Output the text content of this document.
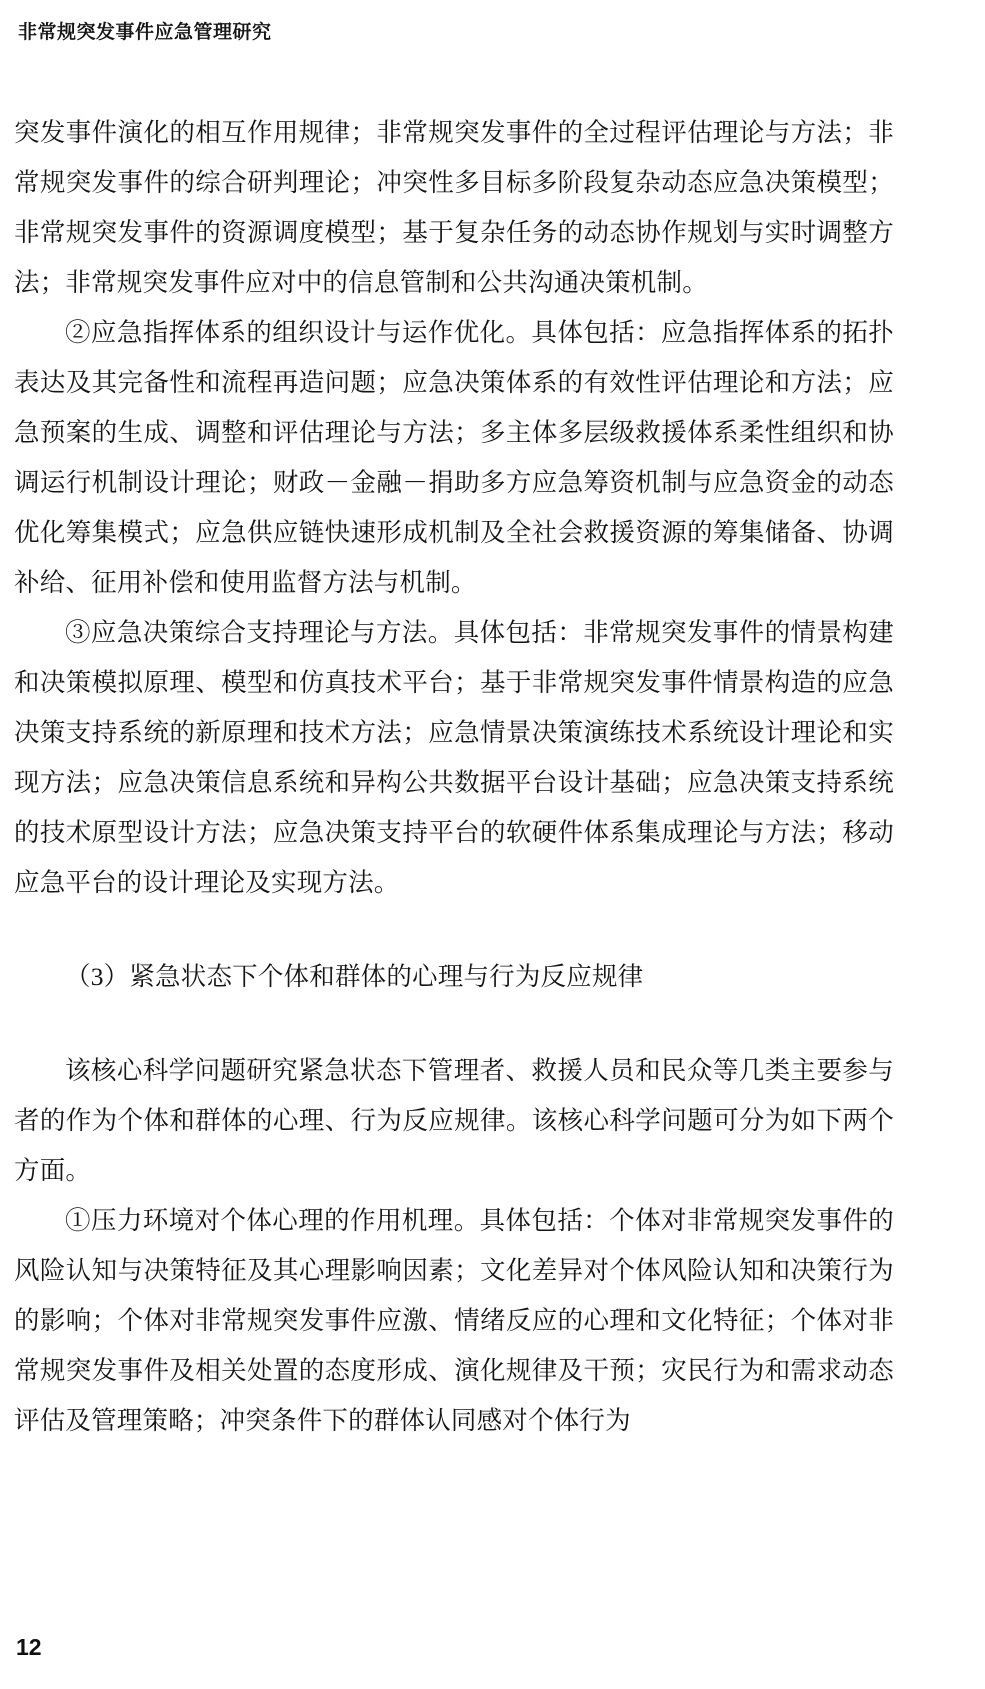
非常规突发事件应急管理研究

突发事件演化的相互作用规律；非常规突发事件的全过程评估理论与方法；非常规突发事件的综合研判理论；冲突性多目标多阶段复杂动态应急决策模型；非常规突发事件的资源调度模型；基于复杂任务的动态协作规划与实时调整方法；非常规突发事件应对中的信息管制和公共沟通决策机制。

②应急指挥体系的组织设计与运作优化。具体包括：应急指挥体系的拓扑表达及其完备性和流程再造问题；应急决策体系的有效性评估理论和方法；应急预案的生成、调整和评估理论与方法；多主体多层级救援体系柔性组织和协调运行机制设计理论；财政－金融－捐助多方应急筹资机制与应急资金的动态优化筹集模式；应急供应链快速形成机制及全社会救援资源的筹集储备、协调补给、征用补偿和使用监督方法与机制。

③应急决策综合支持理论与方法。具体包括：非常规突发事件的情景构建和决策模拟原理、模型和仿真技术平台；基于非常规突发事件情景构造的应急决策支持系统的新原理和技术方法；应急情景决策演练技术系统设计理论和实现方法；应急决策信息系统和异构公共数据平台设计基础；应急决策支持系统的技术原型设计方法；应急决策支持平台的软硬件体系集成理论与方法；移动应急平台的设计理论及实现方法。

（3）紧急状态下个体和群体的心理与行为反应规律

该核心科学问题研究紧急状态下管理者、救援人员和民众等几类主要参与者的作为个体和群体的心理、行为反应规律。该核心科学问题可分为如下两个方面。

①压力环境对个体心理的作用机理。具体包括：个体对非常规突发事件的风险认知与决策特征及其心理影响因素；文化差异对个体风险认知和决策行为的影响；个体对非常规突发事件应激、情绪反应的心理和文化特征；个体对非常规突发事件及相关处置的态度形成、演化规律及干预；灾民行为和需求动态评估及管理策略；冲突条件下的群体认同感对个体行为

12
